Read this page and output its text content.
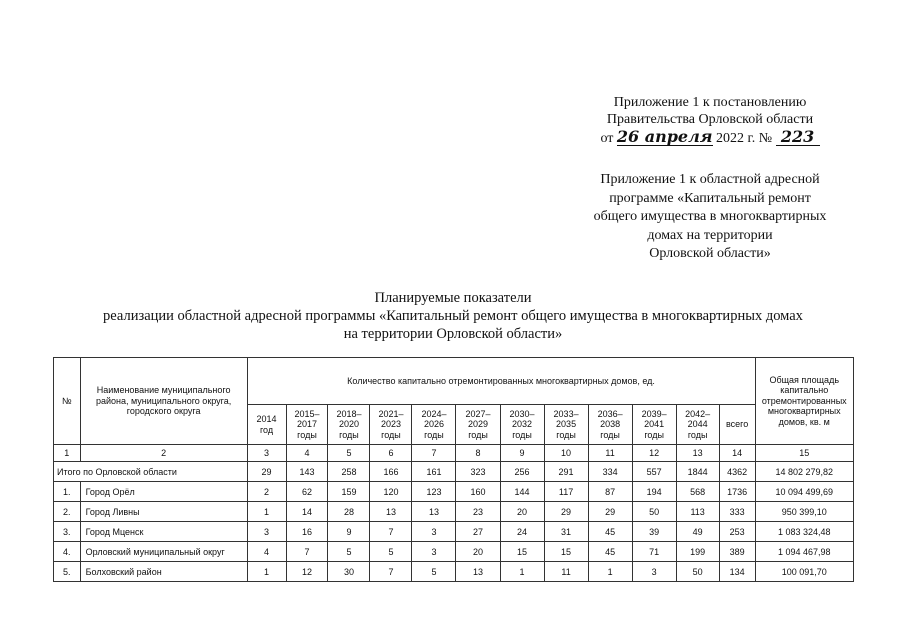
Приложение 1 к постановлению
Правительства Орловской области
от 26 апреля 2022 г. № 223
Приложение 1 к областной адресной
программе «Капитальный ремонт
общего имущества в многоквартирных
домах на территории
Орловской области»
Планируемые показатели
реализации областной адресной программы «Капитальный ремонт общего имущества в многоквартирных домах
на территории Орловской области»
№	Наименование муниципального района, муниципального округа, городского округа	Количество капитально отремонтированных многоквартирных домов, ед.												Общая площадь капитально отремонтированных многоквартирных домов, кв. м
		2014 год	2015–2017 годы	2018–2020 годы	2021–2023 годы	2024–2026 годы	2027–2029 годы	2030–2032 годы	2033–2035 годы	2036–2038 годы	2039–2041 годы	2042–2044 годы	всего	
1	2	3	4	5	6	7	8	9	10	11	12	13	14	15
Итого по Орловской области		29	143	258	166	161	323	256	291	334	557	1844	4362	14 802 279,82
1.	Город Орёл	2	62	159	120	123	160	144	117	87	194	568	1736	10 094 499,69
2.	Город Ливны	1	14	28	13	13	23	20	29	29	50	113	333	950 399,10
3.	Город Мценск	3	16	9	7	3	27	24	31	45	39	49	253	1 083 324,48
4.	Орловский муниципальный округ	4	7	5	5	3	20	15	15	45	71	199	389	1 094 467,98
5.	Болховский район	1	12	30	7	5	13	1	11	1	3	50	134	100 091,70
